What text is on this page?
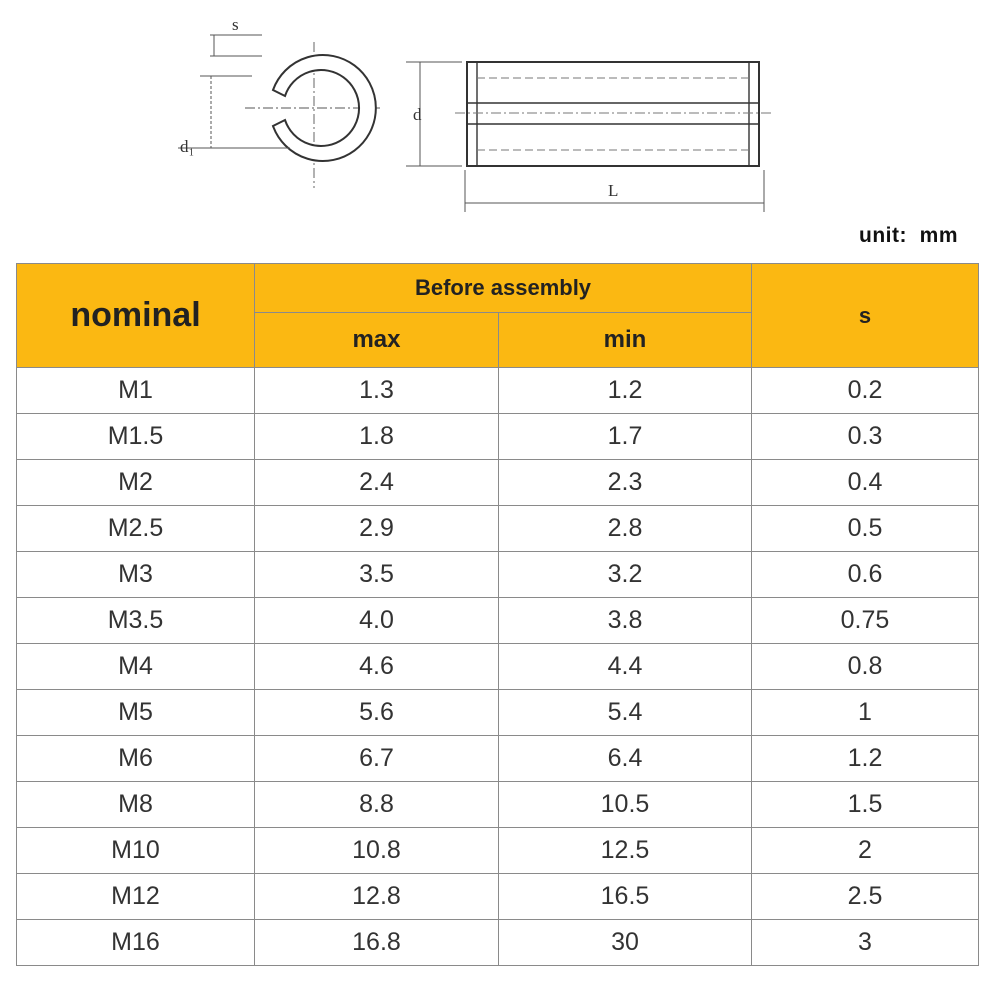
s
d₁
d
L
unit:  mm
nominal	Before assembly		s
	max	min	
M1	1.3	1.2	0.2
M1.5	1.8	1.7	0.3
M2	2.4	2.3	0.4
M2.5	2.9	2.8	0.5
M3	3.5	3.2	0.6
M3.5	4.0	3.8	0.75
M4	4.6	4.4	0.8
M5	5.6	5.4	1
M6	6.7	6.4	1.2
M8	8.8	10.5	1.5
M10	10.8	12.5	2
M12	12.8	16.5	2.5
M16	16.8	30	3
